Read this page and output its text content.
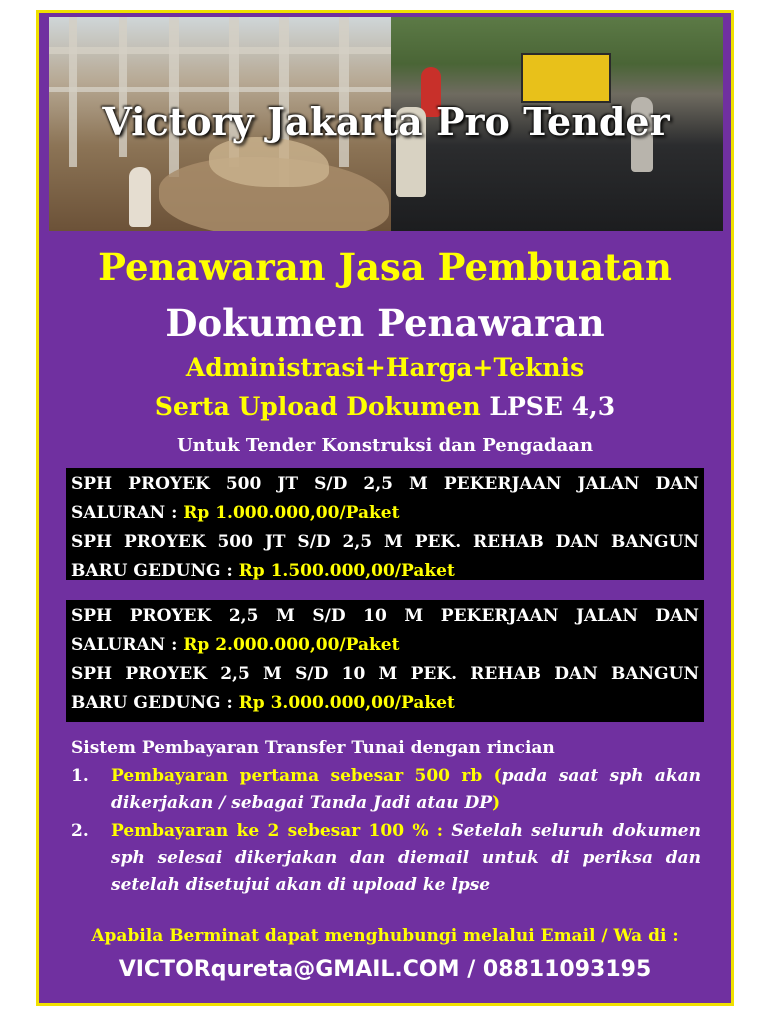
Victory Jakarta Pro Tender
Penawaran Jasa Pembuatan
Dokumen Penawaran
Administrasi+Harga+Teknis
Serta Upload Dokumen LPSE 4,3
Untuk Tender Konstruksi dan Pengadaan
SPH PROYEK 500 JT S/D 2,5 M PEKERJAAN JALAN DAN
SALURAN : Rp 1.000.000,00/Paket
SPH PROYEK 500 JT S/D 2,5 M PEK. REHAB DAN BANGUN
BARU GEDUNG : Rp 1.500.000,00/Paket
SPH PROYEK 2,5 M S/D 10 M PEKERJAAN JALAN DAN
SALURAN : Rp 2.000.000,00/Paket
SPH PROYEK 2,5 M S/D 10 M PEK. REHAB DAN BANGUN
BARU GEDUNG : Rp 3.000.000,00/Paket
Sistem Pembayaran Transfer Tunai dengan rincian
1.	Pembayaran pertama sebesar 500 rb (pada saat sph akan dikerjakan / sebagai Tanda Jadi atau DP)
2.	Pembayaran ke 2 sebesar 100 % : Setelah seluruh dokumen sph selesai dikerjakan dan diemail untuk di periksa dan setelah disetujui akan di upload ke lpse
Apabila Berminat dapat menghubungi melalui Email / Wa di :
VICTORqureta@GMAIL.COM / 08811093195
